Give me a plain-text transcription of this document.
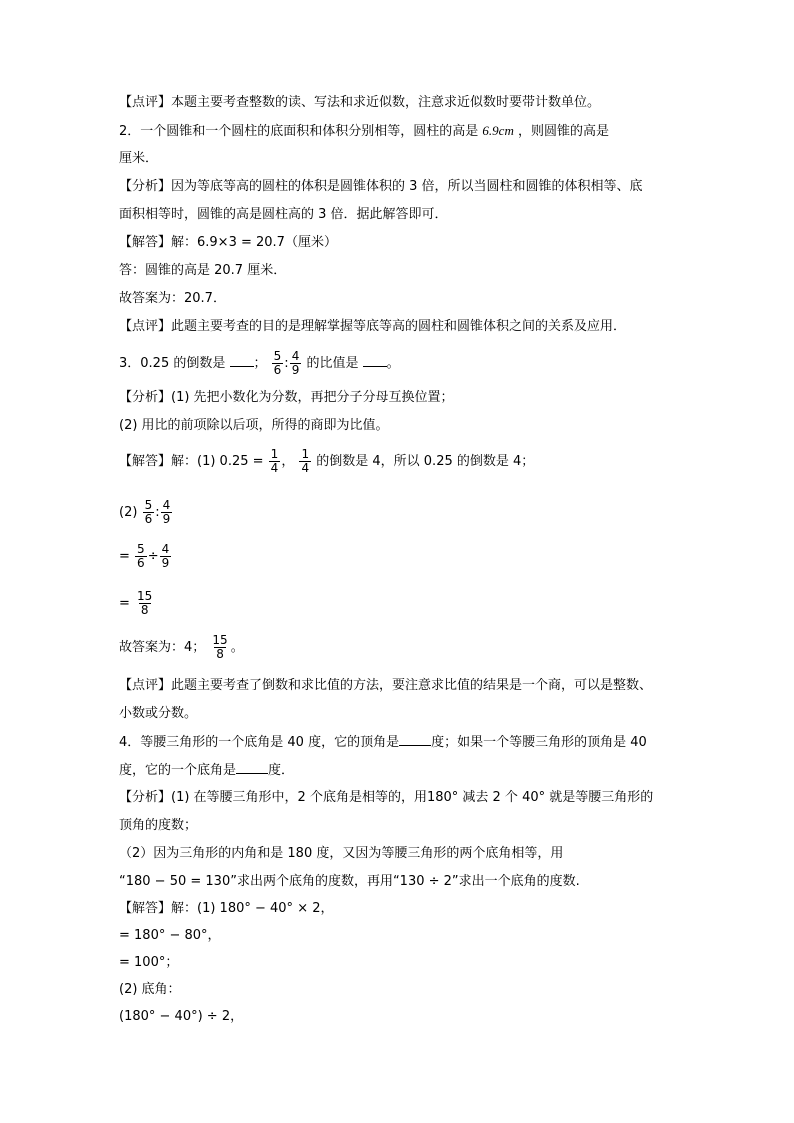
【点评】本题主要考查整数的读、写法和求近似数，注意求近似数时要带计数单位。
2．一个圆锥和一个圆柱的底面积和体积分别相等，圆柱的高是 6.9cm ，则圆锥的高是
厘米．
【分析】因为等底等高的圆柱的体积是圆锥体积的 3 倍，所以当圆柱和圆锥的体积相等、底
面积相等时，圆锥的高是圆柱高的 3 倍．据此解答即可．
【解答】解：6.9×3 = 20.7（厘米）
答：圆锥的高是 20.7 厘米．
故答案为：20.7．
【点评】此题主要考查的目的是理解掌握等底等高的圆柱和圆锥体积之间的关系及应用．
3．0.25 的倒数是 ； $\frac{5}{6}$ : $\frac{4}{9}$ 的比值是 。
【分析】(1) 先把小数化为分数，再把分子分母互换位置；
(2) 用比的前项除以后项，所得的商即为比值。
【解答】解：(1) $0.25 = \frac{1}{4}$ ， $\frac{1}{4}$ 的倒数是 4，所以 0.25 的倒数是 4；
$(2) \frac{5}{6}$ : $\frac{4}{9}$
= $\frac{5}{6} \div \frac{4}{9}$
= $\frac{15}{8}$
故答案为：4； $\frac{15}{8}$ 。
【点评】此题主要考查了倒数和求比值的方法，要注意求比值的结果是一个商，可以是整数、
小数或分数。
4．等腰三角形的一个底角是 40 度，它的顶角是 度；如果一个等腰三角形的顶角是 40
度，它的一个底角是 度．
【分析】(1) 在等腰三角形中，2 个底角是相等的，用180° 减去 2 个 40° 就是等腰三角形的
顶角的度数；
（2）因为三角形的内角和是 180 度，又因为等腰三角形的两个底角相等，用
“180 − 50 = 130”求出两个底角的度数，再用“130 ÷ 2”求出一个底角的度数.
【解答】解：(1) 180° − 40° × 2，
= 180° − 80°，
= 100°；
(2) 底角：
(180° − 40°) ÷ 2，
